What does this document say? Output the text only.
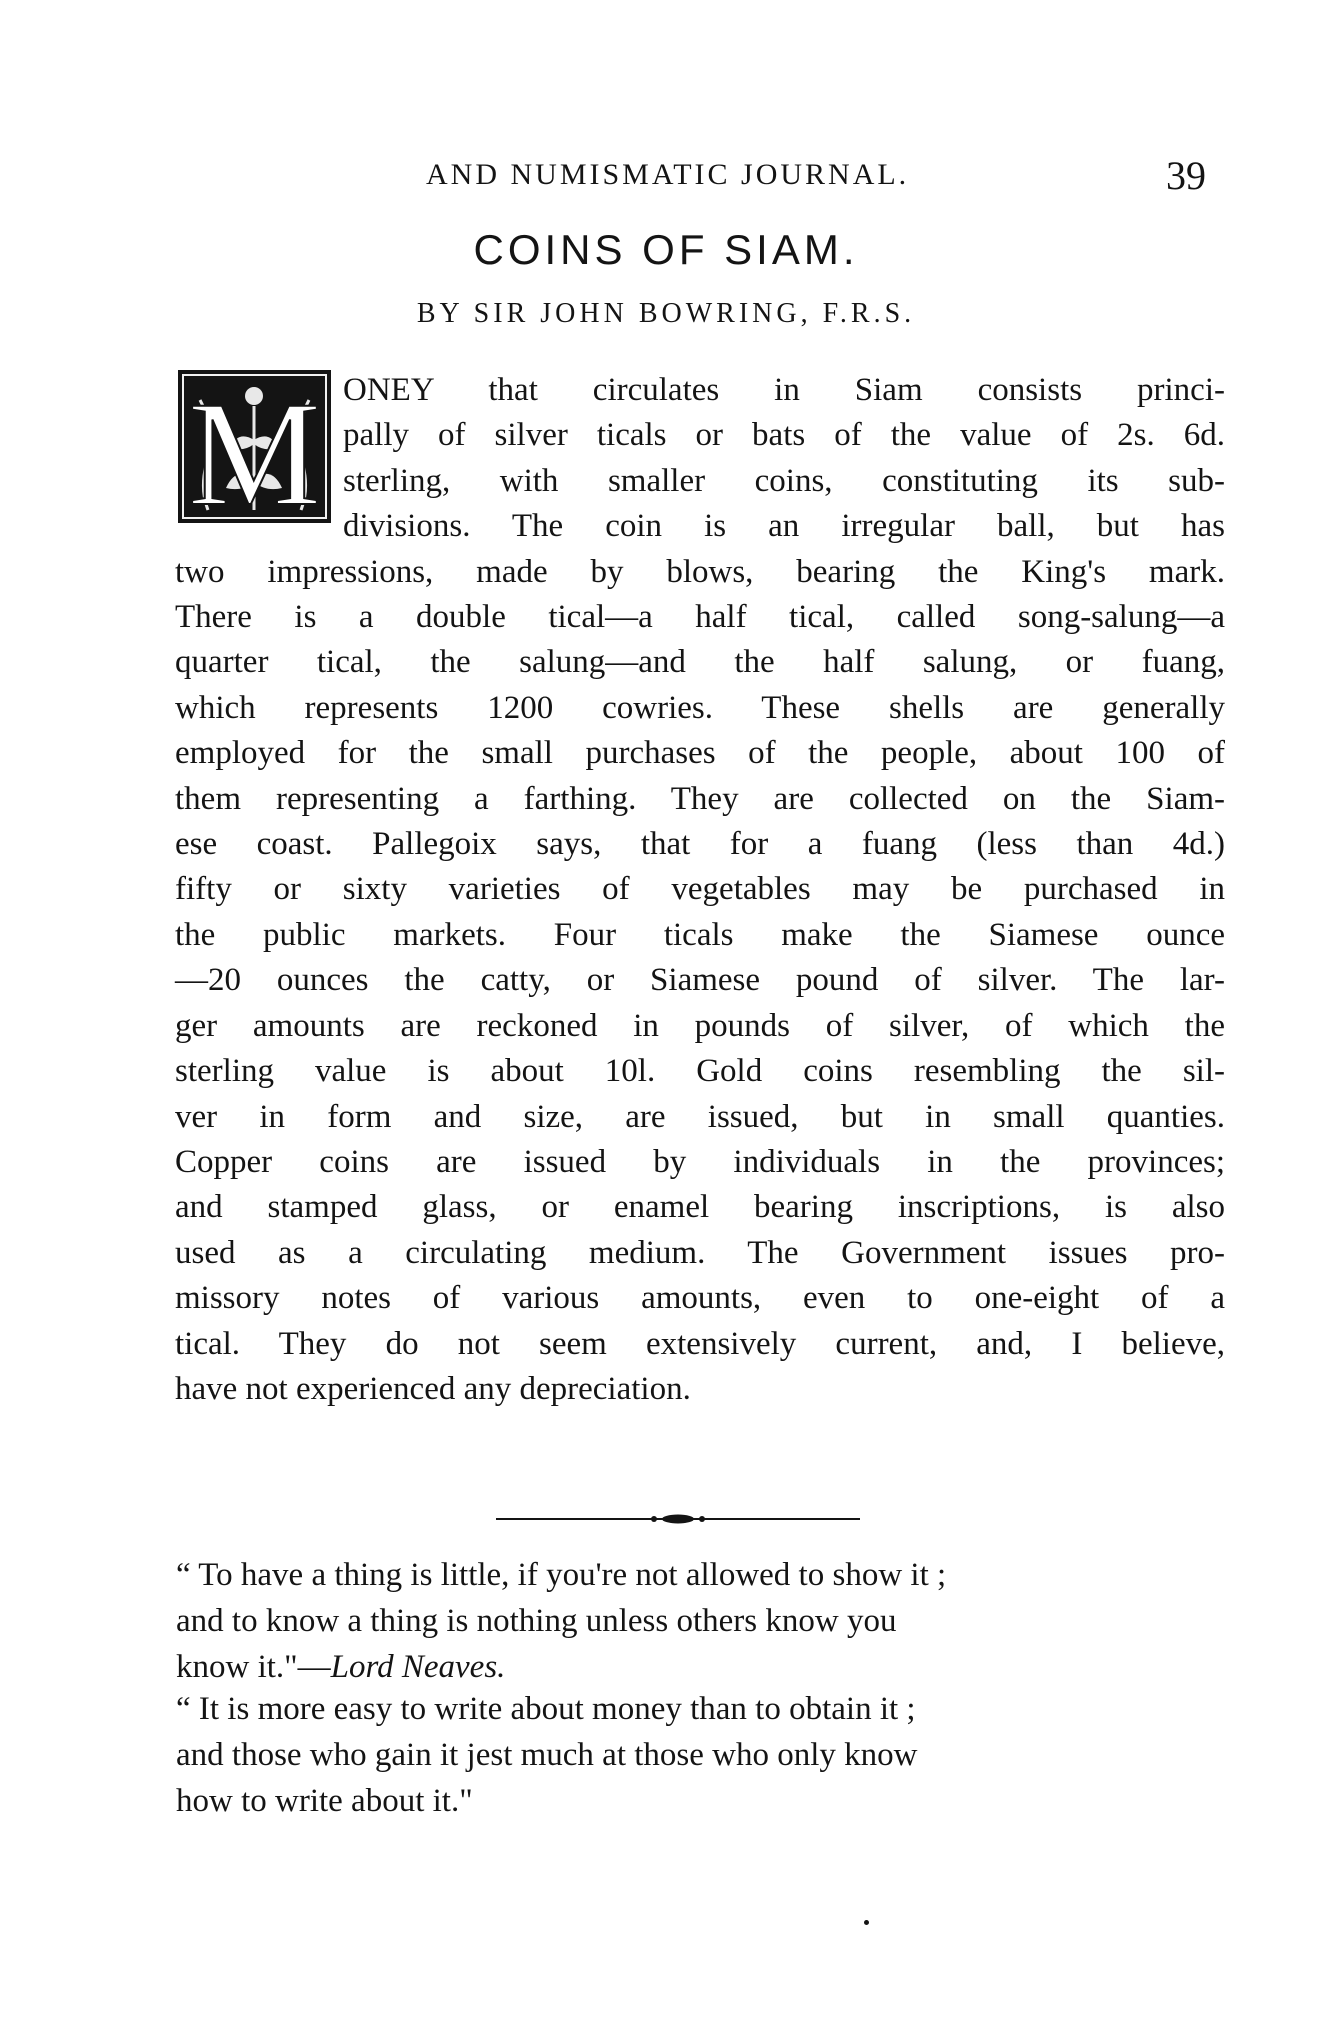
AND NUMISMATIC JOURNAL.	39
COINS OF SIAM.
BY SIR JOHN BOWRING, F.R.S.
M ONEY that circulates in Siam consists princi-
pally of silver ticals or bats of the value of 2s. 6d.
sterling, with smaller coins, constituting its sub-
divisions. The coin is an irregular ball, but has
two impressions, made by blows, bearing the King's mark.
There is a double tical—a half tical, called song-salung—a
quarter tical, the salung—and the half salung, or fuang,
which represents 1200 cowries. These shells are generally
employed for the small purchases of the people, about 100 of
them representing a farthing. They are collected on the Siam-
ese coast. Pallegoix says, that for a fuang (less than 4d.)
fifty or sixty varieties of vegetables may be purchased in
the public markets. Four ticals make the Siamese ounce
—20 ounces the catty, or Siamese pound of silver. The lar-
ger amounts are reckoned in pounds of silver, of which the
sterling value is about 10l. Gold coins resembling the sil-
ver in form and size, are issued, but in small quanties.
Copper coins are issued by individuals in the provinces;
and stamped glass, or enamel bearing inscriptions, is also
used as a circulating medium. The Government issues pro-
missory notes of various amounts, even to one-eight of a
tical. They do not seem extensively current, and, I believe,
have not experienced any depreciation.
“ To have a thing is little, if you're not allowed to show it ;
and to know a thing is nothing unless others know you
know it."—Lord Neaves.
“ It is more easy to write about money than to obtain it ;
and those who gain it jest much at those who only know
how to write about it."
